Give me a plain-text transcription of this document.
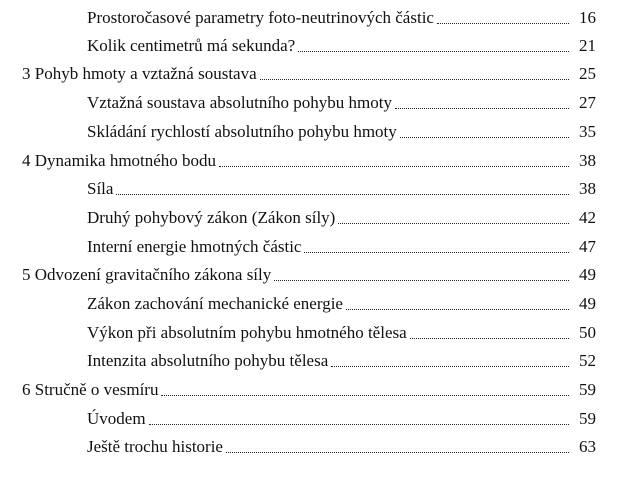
Prostoročasové parametry foto-neutrinových částic	16
Kolik centimetrů má sekunda?	21
3 Pohyb hmoty a vztažná soustava	25
Vztažná soustava absolutního pohybu hmoty	27
Skládání rychlostí absolutního pohybu hmoty	35
4 Dynamika hmotného bodu	38
Síla	38
Druhý pohybový zákon (Zákon síly)	42
Interní energie hmotných částic	47
5 Odvození gravitačního zákona síly	49
Zákon zachování mechanické energie	49
Výkon při absolutním pohybu hmotného tělesa	50
Intenzita absolutního pohybu tělesa	52
6 Stručně o vesmíru	59
Úvodem	59
Ještě trochu historie	63
